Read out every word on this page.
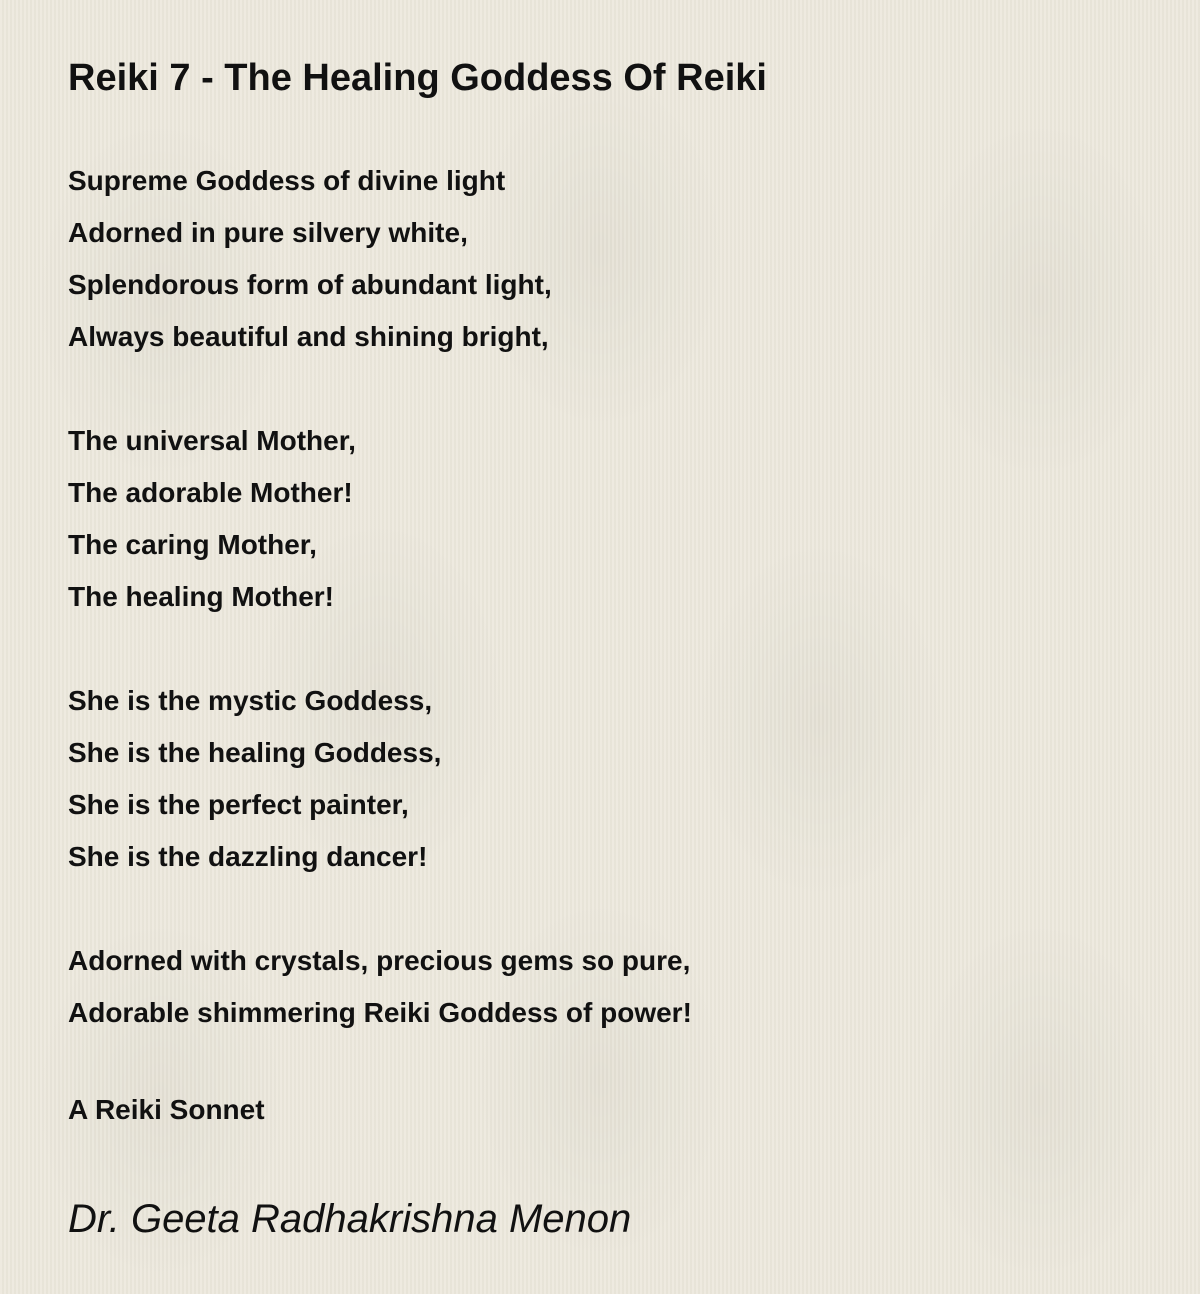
Reiki 7 - The Healing Goddess Of Reiki
Supreme Goddess of divine light
Adorned in pure silvery white,
Splendorous form of abundant light,
Always beautiful and shining bright,
The universal Mother,
The adorable Mother!
The caring Mother,
The healing Mother!
She is the mystic Goddess,
She is the healing Goddess,
She is the perfect painter,
She is the dazzling dancer!
Adorned with crystals, precious gems so pure,
Adorable shimmering Reiki Goddess of power!
A Reiki Sonnet
Dr. Geeta Radhakrishna Menon
